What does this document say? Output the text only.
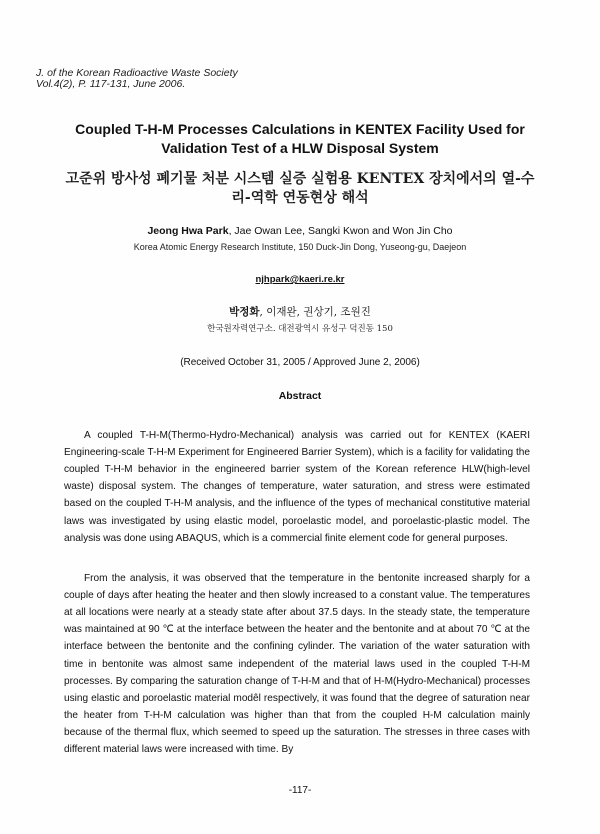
J. of the Korean Radioactive Waste Society
Vol.4(2), P. 117-131, June 2006.
Coupled T-H-M Processes Calculations in KENTEX Facility Used for Validation Test of a HLW Disposal System
고준위 방사성 폐기물 처분 시스템 실증 실험용 KENTEX 장치에서의 열-수리-역학 연동현상 해석
Jeong Hwa Park, Jae Owan Lee, Sangki Kwon and Won Jin Cho
Korea Atomic Energy Research Institute, 150 Duck-Jin Dong, Yuseong-gu, Daejeon
njhpark@kaeri.re.kr
박정화, 이재완, 권상기, 조원진
한국원자력연구소. 대전광역시 유성구 덕진동 150
(Received October 31, 2005 / Approved June 2, 2006)
Abstract

A coupled T-H-M(Thermo-Hydro-Mechanical) analysis was carried out for KENTEX (KAERI Engineering-scale T-H-M Experiment for Engineered Barrier System), which is a facility for validating the coupled T-H-M behavior in the engineered barrier system of the Korean reference HLW(high-level waste) disposal system. The changes of temperature, water saturation, and stress were estimated based on the coupled T-H-M analysis, and the influence of the types of mechanical constitutive material laws was investigated by using elastic model, poroelastic model, and poroelastic-plastic model. The analysis was done using ABAQUS, which is a commercial finite element code for general purposes.

From the analysis, it was observed that the temperature in the bentonite increased sharply for a couple of days after heating the heater and then slowly increased to a constant value. The temperatures at all locations were nearly at a steady state after about 37.5 days. In the steady state, the temperature was maintained at 90 ℃ at the interface between the heater and the bentonite and at about 70 ℃ at the interface between the bentonite and the confining cylinder. The variation of the water saturation with time in bentonite was almost same independent of the material laws used in the coupled T-H-M processes. By comparing the saturation change of T-H-M and that of H-M(Hydro-Mechanical) processes using elastic and poroelastic material modêl respectively, it was found that the degree of saturation near the heater from T-H-M calculation was higher than that from the coupled H-M calculation mainly because of the thermal flux, which seemed to speed up the saturation. The stresses in three cases with different material laws were increased with time. By

-117-
